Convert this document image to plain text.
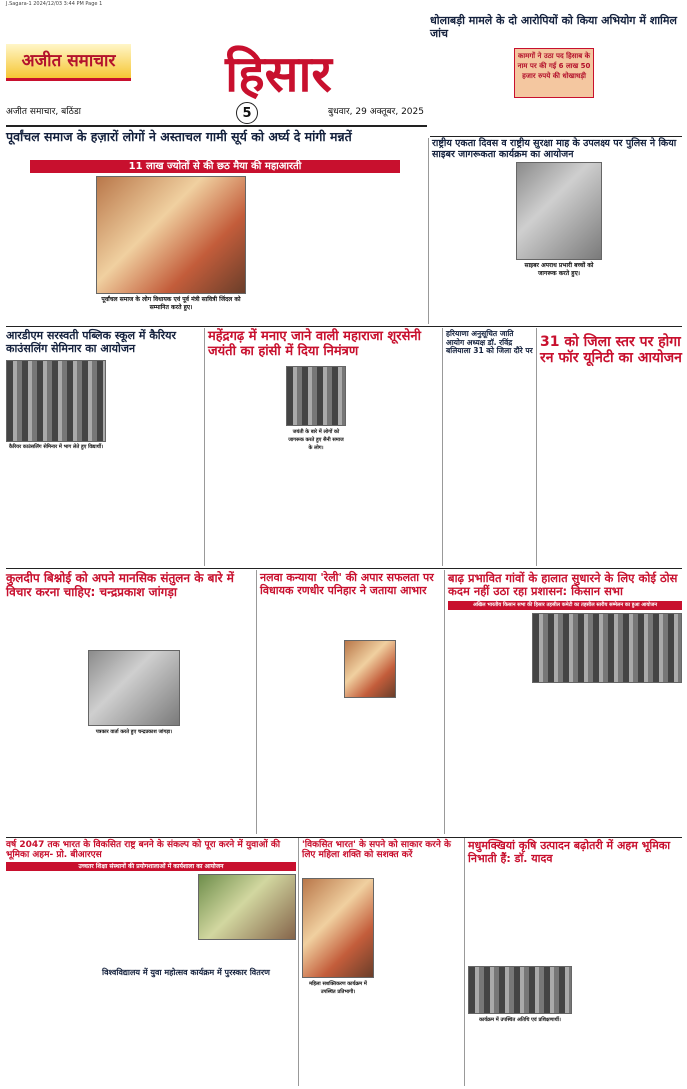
J.Sagara-1 2024/12/03 3:44 PM Page 1
अजीत समाचार	हिसार
अजीत समाचार, बठिंडा	5	बुधवार, 29 अक्तूबर, 2025
धोलाबड़ी मामले के दो आरोपियों को किया अभियोग में शामिल जांच
कामगों ने उठा पद हिसाब के नाम पर की गई 6 लाख 50 हजार रुपये की धोखाधड़ी
पूर्वांचल समाज के हज़ारों लोगों ने अस्ताचल गामी सूर्य को अर्घ्य दे मांगी मन्नतें
11 लाख ज्योतों से की छठ मैया की महाआरती
पूर्वांचल समाज के लोग विधायक एवं पूर्व मंत्री सावित्री जिंदल को सम्मानित करते हुए।
राष्ट्रीय एकता दिवस व राष्ट्रीय सुरक्षा माह के उपलक्ष्य पर पुलिस ने किया साइबर जागरूकता कार्यक्रम का आयोजन
साइबर अपराध प्रभारी बच्चों को जागरूक करते हुए।
आरडीएम सरस्वती पब्लिक स्कूल में कैरियर काउंसलिंग सेमिनार का आयोजन
कैरियर काउंसलिंग सेमिनार में भाग लेते हुए विद्यार्थी।
महेंद्रगढ़ में मनाए जाने वाली महाराजा शूरसेनी जयंती का हांसी में दिया निमंत्रण
जयंती के बारे में लोगों को जागरूक करते हुए सैनी समाज के लोग।
हरियाणा अनुसूचित जाति आयोग अध्यक्ष डॉ. रविंद्र बलियाला 31 को जिला दौरे पर
31 को जिला स्तर पर होगा रन फॉर यूनिटी का आयोजन
कुलदीप बिश्नोई को अपने मानसिक संतुलन के बारे में विचार करना चाहिए: चन्द्रप्रकाश जांगड़ा
पत्रकार वार्ता करते हुए चन्द्रप्रकाश जांगड़ा।
नलवा कन्याया 'रेली' की अपार सफलता पर विधायक रणधीर पनिहार ने जताया आभार
बाढ़ प्रभावित गांवों के हालात सुधारने के लिए कोई ठोस कदम नहीं उठा रहा प्रशासन: किसान सभा
अखिल भारतीय किसान सभा की हिसार तहसील कमेटी का तहसील स्तरीय सम्मेलन का हुआ आयोजन
वर्ष 2047 तक भारत के विकसित राष्ट्र बनने के संकल्प को पूरा करने में युवाओं की भूमिका अहम- प्रो. बीआरएस
उच्चतर शिक्षा संस्थानों की प्रयोगशालाओं में कार्यशाला का आयोजन
विश्वविद्यालय में युवा महोत्सव कार्यक्रम में पुरस्कार वितरण
'विकसित भारत' के सपने को साकार करने के लिए महिला शक्ति को सशक्त करें
महिला सशक्तिकरण कार्यक्रम में उपस्थित प्रतिभागी।
मधुमक्खियां कृषि उत्पादन बढ़ोतरी में अहम भूमिका निभाती हैं: डॉ. यादव
कार्यक्रम में उपस्थित अतिथि एवं प्रशिक्षणार्थी।
